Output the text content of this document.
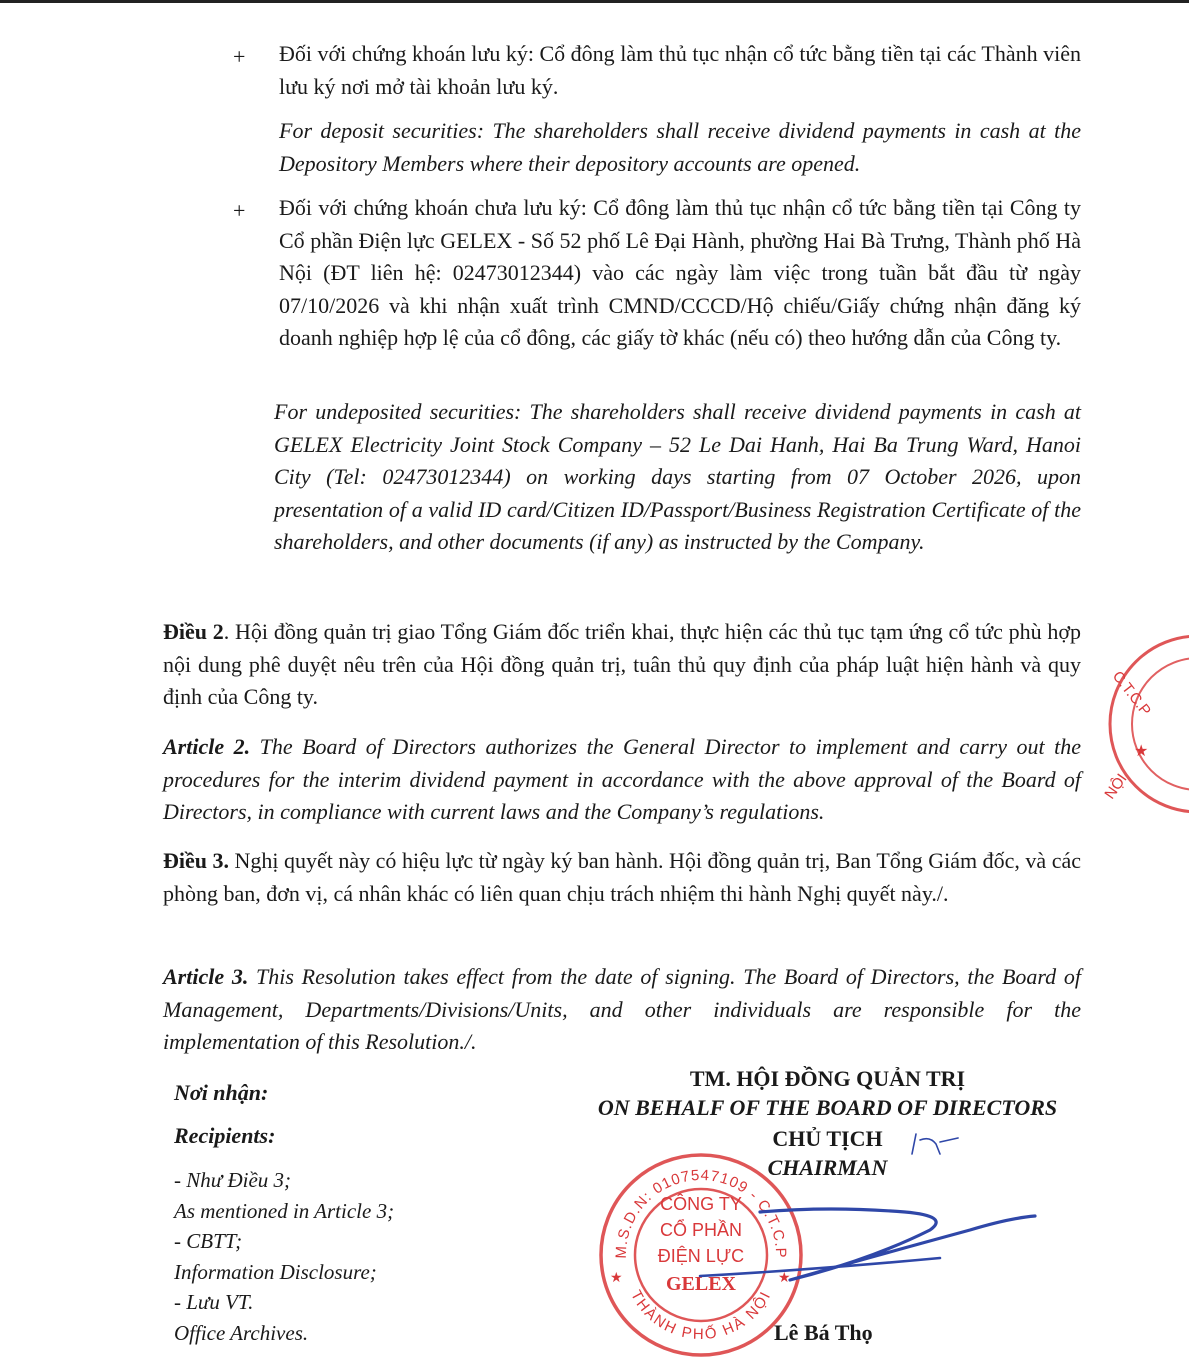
+ Đối với chứng khoán lưu ký: Cổ đông làm thủ tục nhận cổ tức bằng tiền tại các Thành viên lưu ký nơi mở tài khoản lưu ký.
For deposit securities: The shareholders shall receive dividend payments in cash at the Depository Members where their depository accounts are opened.
+ Đối với chứng khoán chưa lưu ký: Cổ đông làm thủ tục nhận cổ tức bằng tiền tại Công ty Cổ phần Điện lực GELEX - Số 52 phố Lê Đại Hành, phường Hai Bà Trưng, Thành phố Hà Nội (ĐT liên hệ: 02473012344) vào các ngày làm việc trong tuần bắt đầu từ ngày 07/10/2026 và khi nhận xuất trình CMND/CCCD/Hộ chiếu/Giấy chứng nhận đăng ký doanh nghiệp hợp lệ của cổ đông, các giấy tờ khác (nếu có) theo hướng dẫn của Công ty.
For undeposited securities: The shareholders shall receive dividend payments in cash at GELEX Electricity Joint Stock Company – 52 Le Dai Hanh, Hai Ba Trung Ward, Hanoi City (Tel: 02473012344) on working days starting from 07 October 2026, upon presentation of a valid ID card/Citizen ID/Passport/Business Registration Certificate of the shareholders, and other documents (if any) as instructed by the Company.
Điều 2. Hội đồng quản trị giao Tổng Giám đốc triển khai, thực hiện các thủ tục tạm ứng cổ tức phù hợp nội dung phê duyệt nêu trên của Hội đồng quản trị, tuân thủ quy định của pháp luật hiện hành và quy định của Công ty.
Article 2. The Board of Directors authorizes the General Director to implement and carry out the procedures for the interim dividend payment in accordance with the above approval of the Board of Directors, in compliance with current laws and the Company’s regulations.
Điều 3. Nghị quyết này có hiệu lực từ ngày ký ban hành. Hội đồng quản trị, Ban Tổng Giám đốc, và các phòng ban, đơn vị, cá nhân khác có liên quan chịu trách nhiệm thi hành Nghị quyết này./.
Article 3. This Resolution takes effect from the date of signing. The Board of Directors, the Board of Management, Departments/Divisions/Units, and other individuals are responsible for the implementation of this Resolution./.
Nơi nhận:
Recipients:
- Như Điều 3;
As mentioned in Article 3;
- CBTT;
Information Disclosure;
- Lưu VT.
Office Archives.
TM. HỘI ĐỒNG QUẢN TRỊ
ON BEHALF OF THE BOARD OF DIRECTORS
CHỦ TỊCH
CHAIRMAN
C.T.C.P
★
NỘI
M.S.D.N: 0107547109 - C.T.C.P
THÀNH PHỐ HÀ NỘI
★	★
CÔNG TY
CỔ PHẦN
ĐIỆN LỰC
GELEX
Lê Bá Thọ
